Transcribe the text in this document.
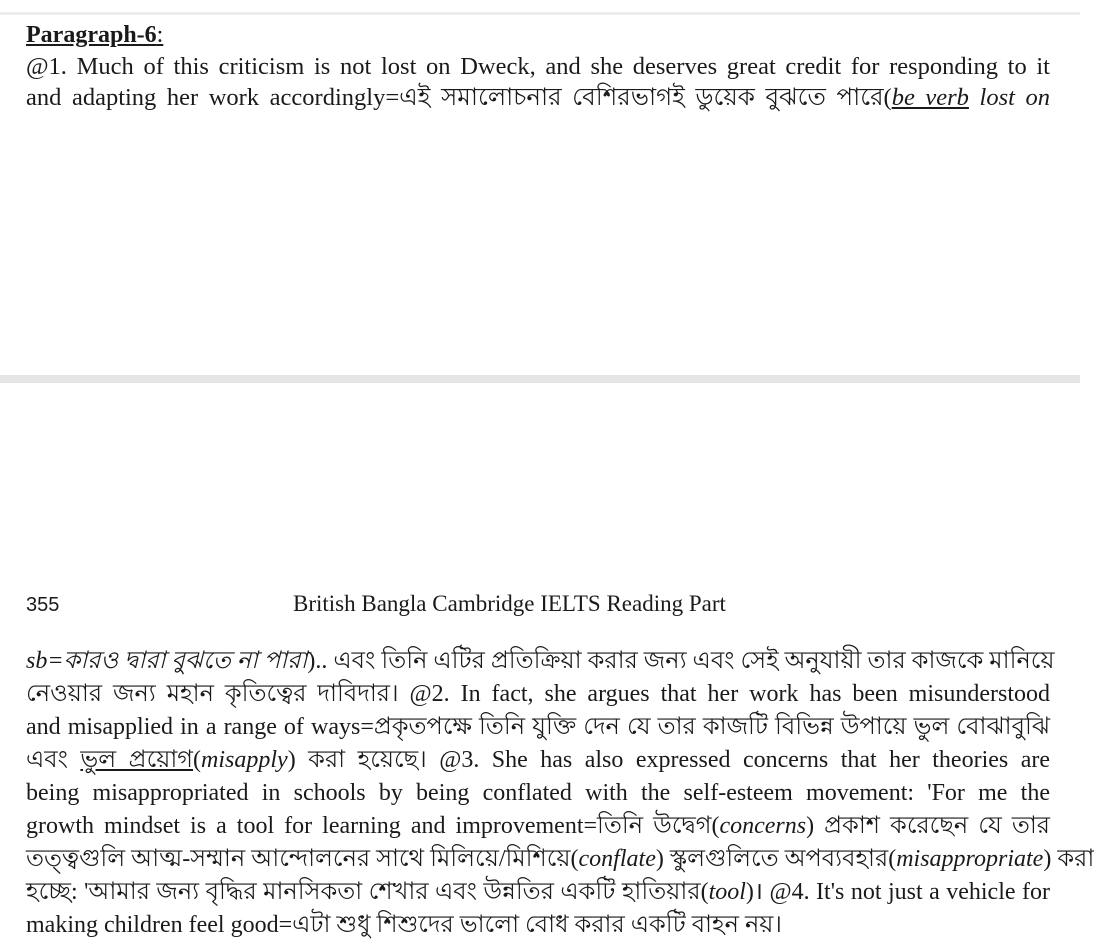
Paragraph-6:
@1. Much of this criticism is not lost on Dweck, and she deserves great credit for responding to it
and adapting her work accordingly=এই সমালোচনার বেশিরভাগই ডুয়েক বুঝতে পারে(be verb lost on
355	British Bangla Cambridge IELTS Reading Part
sb=কারও দ্বারা বুঝতে না পারা).. এবং তিনি এটির প্রতিক্রিয়া করার জন্য এবং সেই অনুযায়ী তার কাজকে মানিয়ে
নেওয়ার জন্য মহান কৃতিত্বের দাবিদার। @2. In fact, she argues that her work has been misunderstood
and misapplied in a range of ways=প্রকৃতপক্ষে তিনি যুক্তি দেন যে তার কাজটি বিভিন্ন উপায়ে ভুল বোঝাবুঝি
এবং ভুল প্রয়োগ(misapply) করা হয়েছে। @3. She has also expressed concerns that her theories are
being misappropriated in schools by being conflated with the self-esteem movement: 'For me the
growth mindset is a tool for learning and improvement=তিনি উদ্বেগ(concerns) প্রকাশ করেছেন যে তার
তত্ত্বগুলি আত্ম-সম্মান আন্দোলনের সাথে মিলিয়ে/মিশিয়ে(conflate) স্কুলগুলিতে অপব্যবহার(misappropriate) করা
হচ্ছে: 'আমার জন্য বৃদ্ধির মানসিকতা শেখার এবং উন্নতির একটি হাতিয়ার(tool)। @4. It's not just a vehicle for
making children feel good=এটা শুধু শিশুদের ভালো বোধ করার একটি বাহন নয়।
